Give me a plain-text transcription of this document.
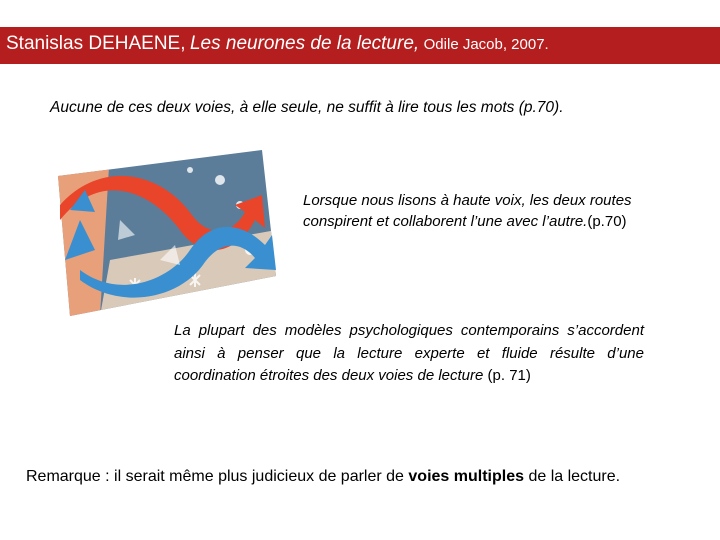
Stanislas DEHAENE, Les neurones de la lecture, Odile Jacob, 2007.
Aucune de ces deux voies, à elle seule, ne suffit à lire tous les mots (p.70).
Lorsque nous lisons à haute voix, les deux routes conspirent et collaborent l’une avec l’autre.(p.70)
La plupart des modèles psychologiques contemporains s’accordent ainsi à penser que la lecture experte et fluide résulte d’une coordination étroites des deux voies de lecture (p. 71)
Remarque : il serait même plus judicieux de parler de voies multiples de la lecture.
